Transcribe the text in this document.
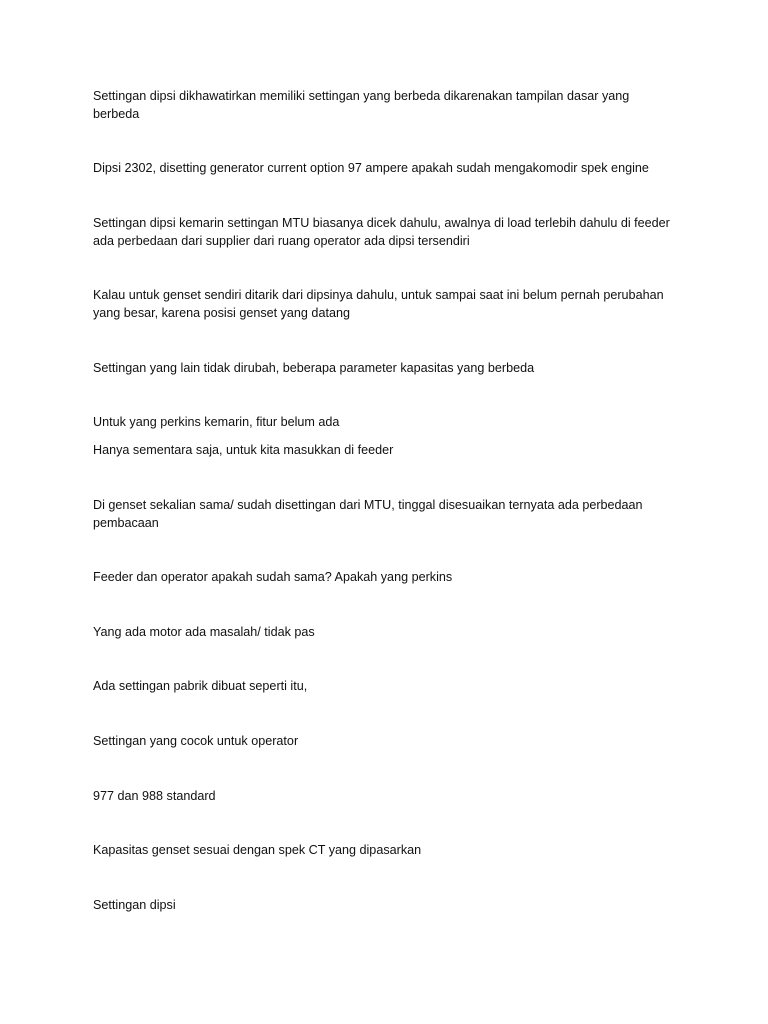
Settingan dipsi dikhawatirkan memiliki settingan yang berbeda dikarenakan tampilan dasar yang berbeda

Dipsi 2302, disetting generator current option 97 ampere apakah sudah mengakomodir spek engine

Settingan dipsi kemarin settingan MTU biasanya dicek dahulu, awalnya di load terlebih dahulu di feeder ada perbedaan dari supplier dari ruang operator ada dipsi tersendiri

Kalau untuk genset sendiri ditarik dari dipsinya dahulu, untuk sampai saat ini belum pernah perubahan yang besar, karena posisi genset yang datang

Settingan yang lain tidak dirubah, beberapa parameter kapasitas yang berbeda

Untuk yang perkins kemarin, fitur belum ada

Hanya sementara saja, untuk kita masukkan di feeder

Di genset sekalian sama/ sudah disettingan dari MTU, tinggal disesuaikan ternyata ada perbedaan pembacaan

Feeder dan operator apakah sudah sama? Apakah yang perkins

Yang ada motor ada masalah/ tidak pas

Ada settingan pabrik dibuat seperti itu,

Settingan yang cocok untuk operator

977 dan 988 standard

Kapasitas genset sesuai dengan spek CT yang dipasarkan

Settingan dipsi
